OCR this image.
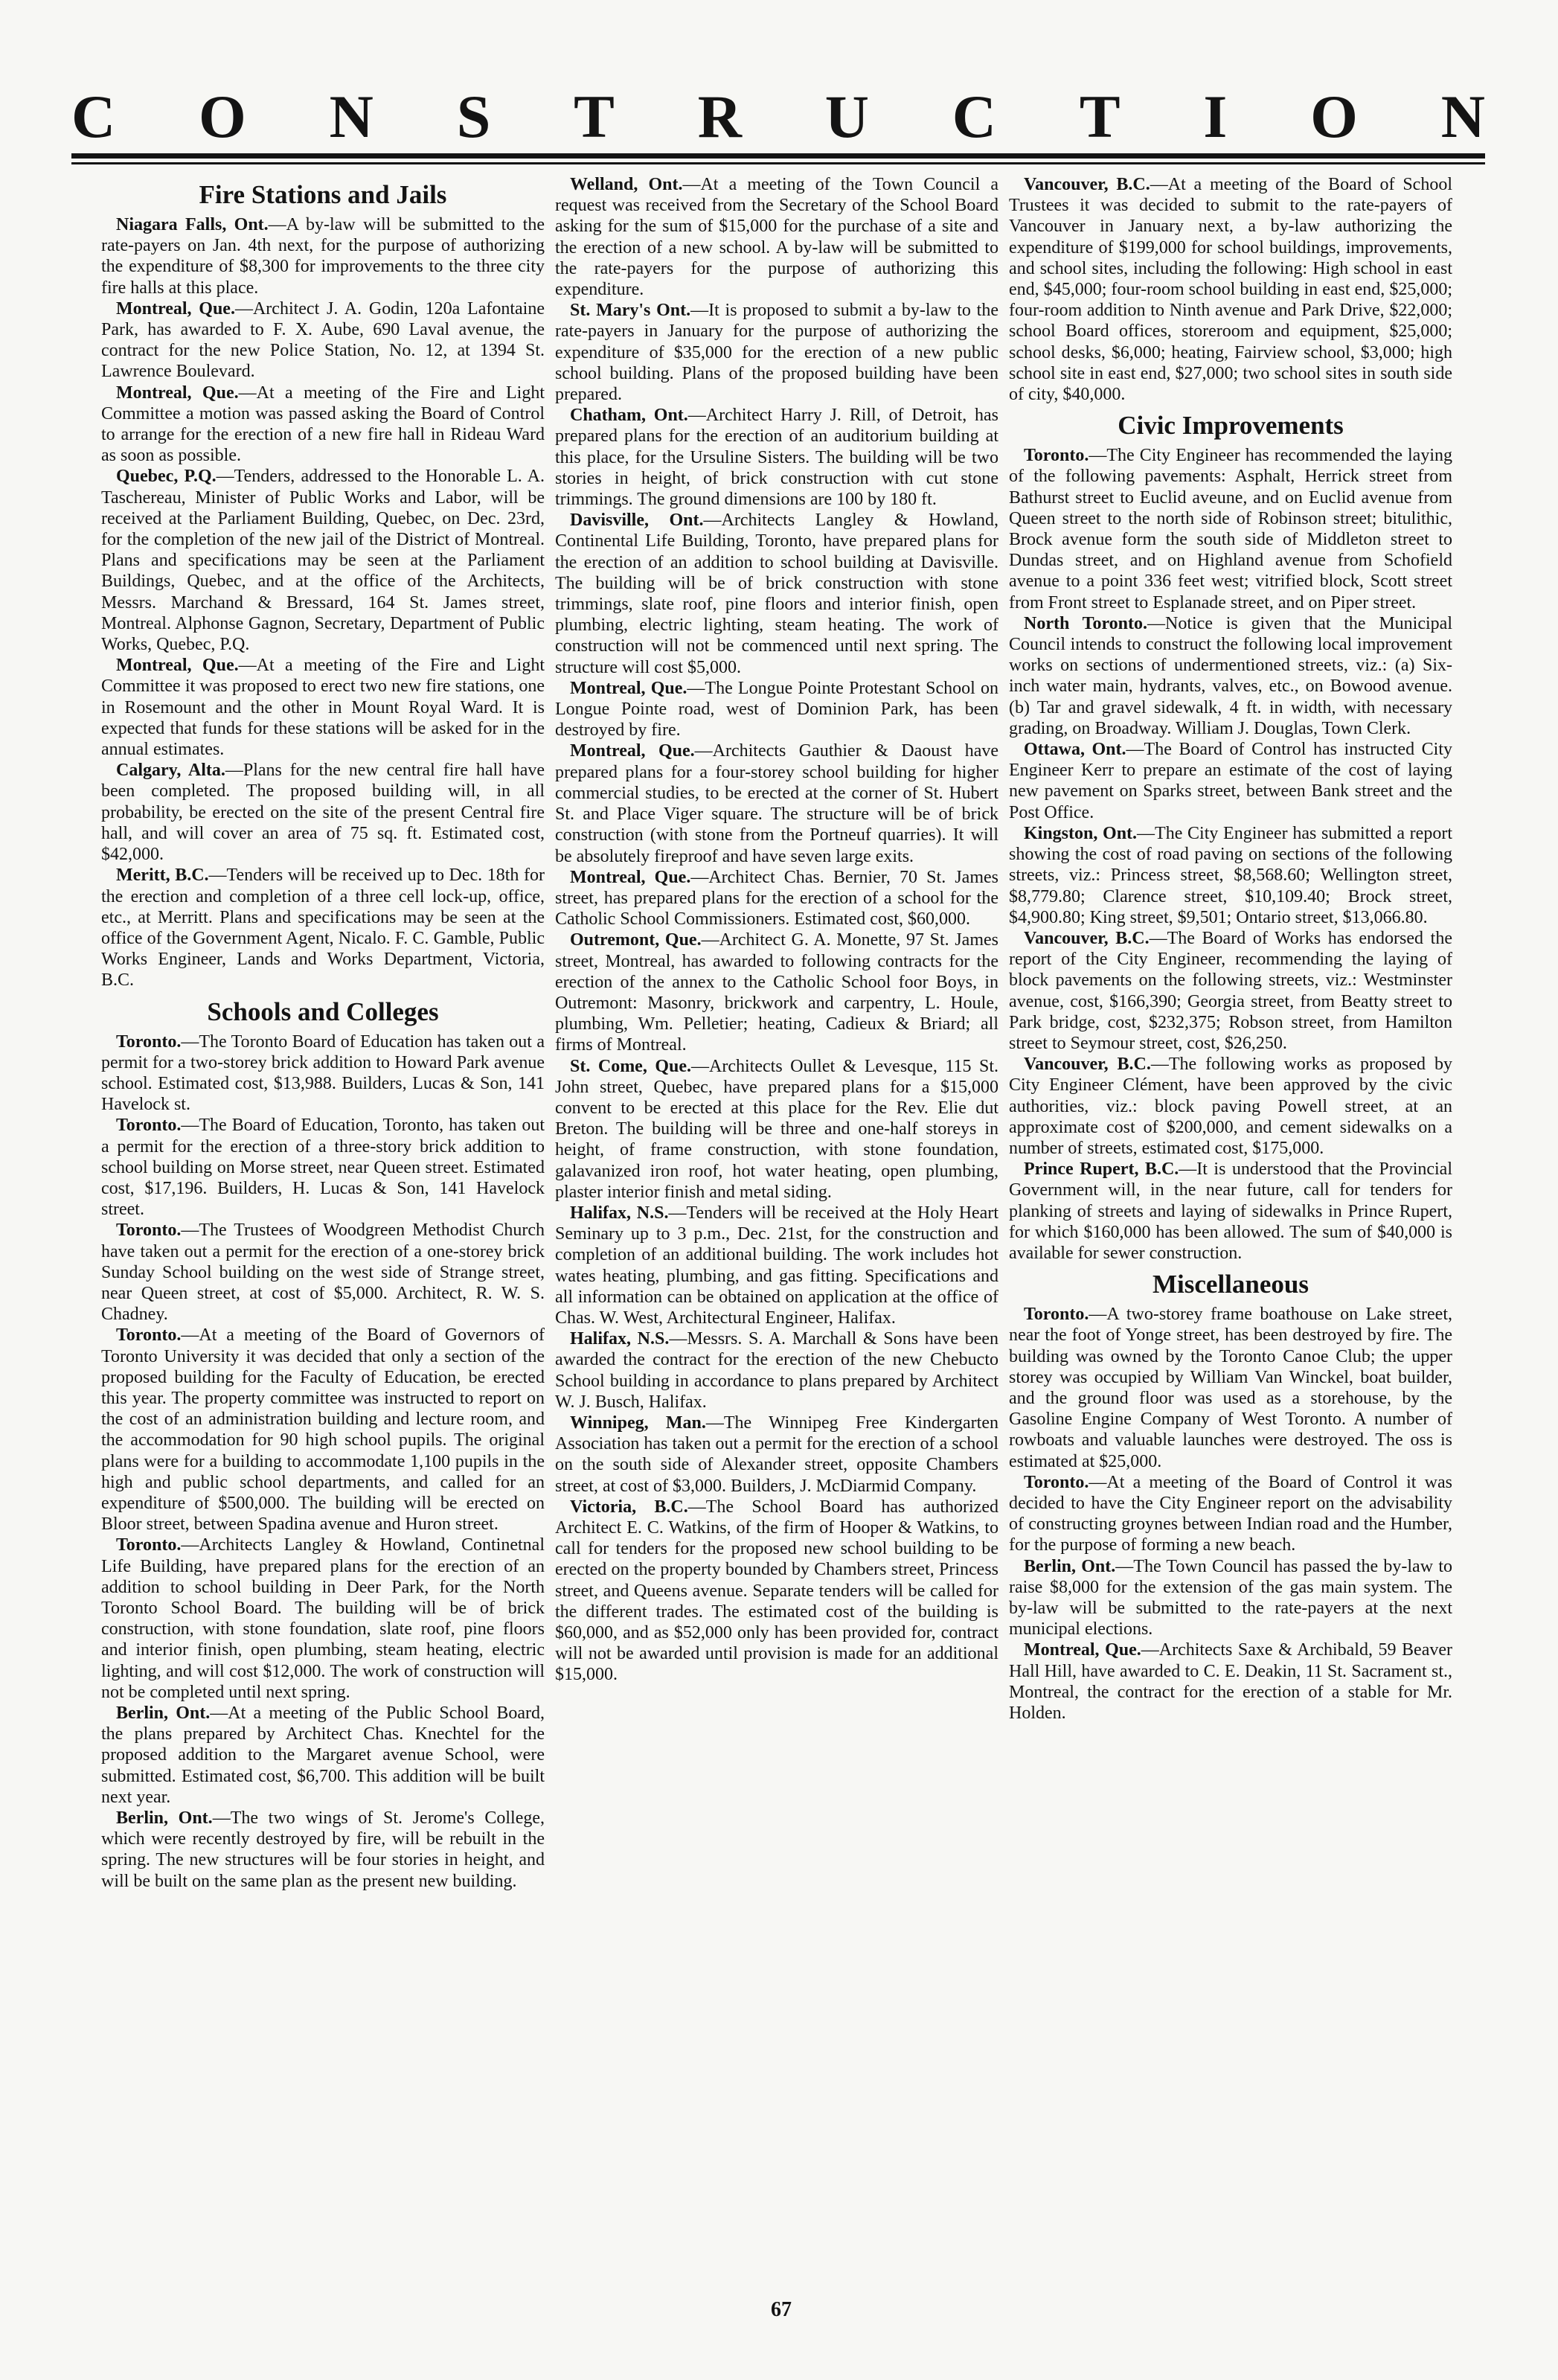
C O N S T R U C T I O N
Fire Stations and Jails

Niagara Falls, Ont.—A by-law will be submitted to the rate-payers on Jan. 4th next, for the purpose of authorizing the expenditure of $8,300 for improvements to the three city fire halls at this place.

Montreal, Que.—Architect J. A. Godin, 120a Lafontaine Park, has awarded to F. X. Aube, 690 Laval avenue, the contract for the new Police Station, No. 12, at 1394 St. Lawrence Boulevard.

Montreal, Que.—At a meeting of the Fire and Light Committee a motion was passed asking the Board of Control to arrange for the erection of a new fire hall in Rideau Ward as soon as possible.

Quebec, P.Q.—Tenders, addressed to the Honorable L. A. Taschereau, Minister of Public Works and Labor, will be received at the Parliament Building, Quebec, on Dec. 23rd, for the completion of the new jail of the District of Montreal. Plans and specifications may be seen at the Parliament Buildings, Quebec, and at the office of the Architects, Messrs. Marchand & Bressard, 164 St. James street, Montreal. Alphonse Gagnon, Secretary, Department of Public Works, Quebec, P.Q.

Montreal, Que.—At a meeting of the Fire and Light Committee it was proposed to erect two new fire stations, one in Rosemount and the other in Mount Royal Ward. It is expected that funds for these stations will be asked for in the annual estimates.

Calgary, Alta.—Plans for the new central fire hall have been completed. The proposed building will, in all probability, be erected on the site of the present Central fire hall, and will cover an area of 75 sq. ft. Estimated cost, $42,000.

Meritt, B.C.—Tenders will be received up to Dec. 18th for the erection and completion of a three cell lock-up, office, etc., at Merritt. Plans and specifications may be seen at the office of the Government Agent, Nicalo. F. C. Gamble, Public Works Engineer, Lands and Works Department, Victoria, B.C.

Schools and Colleges

Toronto.—The Toronto Board of Education has taken out a permit for a two-storey brick addition to Howard Park avenue school. Estimated cost, $13,988. Builders, Lucas & Son, 141 Havelock st.

Toronto.—The Board of Education, Toronto, has taken out a permit for the erection of a three-story brick addition to school building on Morse street, near Queen street. Estimated cost, $17,196. Builders, H. Lucas & Son, 141 Havelock street.

Toronto.—The Trustees of Woodgreen Methodist Church have taken out a permit for the erection of a one-storey brick Sunday School building on the west side of Strange street, near Queen street, at cost of $5,000. Architect, R. W. S. Chadney.

Toronto.—At a meeting of the Board of Governors of Toronto University it was decided that only a section of the proposed building for the Faculty of Education, be erected this year. The property committee was instructed to report on the cost of an administration building and lecture room, and the accommodation for 90 high school pupils. The original plans were for a building to accommodate 1,100 pupils in the high and public school departments, and called for an expenditure of $500,000. The building will be erected on Bloor street, between Spadina avenue and Huron street.

Toronto.—Architects Langley & Howland, Continetnal Life Building, have prepared plans for the erection of an addition to school building in Deer Park, for the North Toronto School Board. The building will be of brick construction, with stone foundation, slate roof, pine floors and interior finish, open plumbing, steam heating, electric lighting, and will cost $12,000. The work of construction will not be completed until next spring.

Berlin, Ont.—At a meeting of the Public School Board, the plans prepared by Architect Chas. Knechtel for the proposed addition to the Margaret avenue School, were submitted. Estimated cost, $6,700. This addition will be built next year.

Berlin, Ont.—The two wings of St. Jerome's College, which were recently destroyed by fire, will be rebuilt in the spring. The new structures will be four stories in height, and will be built on the same plan as the present new building.

Welland, Ont.—At a meeting of the Town Council a request was received from the Secretary of the School Board asking for the sum of $15,000 for the purchase of a site and the erection of a new school. A by-law will be submitted to the rate-payers for the purpose of authorizing this expenditure.

St. Mary's Ont.—It is proposed to submit a by-law to the rate-payers in January for the purpose of authorizing the expenditure of $35,000 for the erection of a new public school building. Plans of the proposed building have been prepared.

Chatham, Ont.—Architect Harry J. Rill, of Detroit, has prepared plans for the erection of an auditorium building at this place, for the Ursuline Sisters. The building will be two stories in height, of brick construction with cut stone trimmings. The ground dimensions are 100 by 180 ft.

Davisville, Ont.—Architects Langley & Howland, Continental Life Building, Toronto, have prepared plans for the erection of an addition to school building at Davisville. The building will be of brick construction with stone trimmings, slate roof, pine floors and interior finish, open plumbing, electric lighting, steam heating. The work of construction will not be commenced until next spring. The structure will cost $5,000.

Montreal, Que.—The Longue Pointe Protestant School on Longue Pointe road, west of Dominion Park, has been destroyed by fire.

Montreal, Que.—Architects Gauthier & Daoust have prepared plans for a four-storey school building for higher commercial studies, to be erected at the corner of St. Hubert St. and Place Viger square. The structure will be of brick construction (with stone from the Portneuf quarries). It will be absolutely fireproof and have seven large exits.

Montreal, Que.—Architect Chas. Bernier, 70 St. James street, has prepared plans for the erection of a school for the Catholic School Commissioners. Estimated cost, $60,000.

Outremont, Que.—Architect G. A. Monette, 97 St. James street, Montreal, has awarded to following contracts for the erection of the annex to the Catholic School foor Boys, in Outremont: Masonry, brickwork and carpentry, L. Houle, plumbing, Wm. Pelletier; heating, Cadieux & Briard; all firms of Montreal.

St. Come, Que.—Architects Oullet & Levesque, 115 St. John street, Quebec, have prepared plans for a $15,000 convent to be erected at this place for the Rev. Elie dut Breton. The building will be three and one-half storeys in height, of frame construction, with stone foundation, galavanized iron roof, hot water heating, open plumbing, plaster interior finish and metal siding.

Halifax, N.S.—Tenders will be received at the Holy Heart Seminary up to 3 p.m., Dec. 21st, for the construction and completion of an additional building. The work includes hot wates heating, plumbing, and gas fitting. Specifications and all information can be obtained on application at the office of Chas. W. West, Architectural Engineer, Halifax.

Halifax, N.S.—Messrs. S. A. Marchall & Sons have been awarded the contract for the erection of the new Chebucto School building in accordance to plans prepared by Architect W. J. Busch, Halifax.

Winnipeg, Man.—The Winnipeg Free Kindergarten Association has taken out a permit for the erection of a school on the south side of Alexander street, opposite Chambers street, at cost of $3,000. Builders, J. McDiarmid Company.

Victoria, B.C.—The School Board has authorized Architect E. C. Watkins, of the firm of Hooper & Watkins, to call for tenders for the proposed new school building to be erected on the property bounded by Chambers street, Princess street, and Queens avenue. Separate tenders will be called for the different trades. The estimated cost of the building is $60,000, and as $52,000 only has been provided for, contract will not be awarded until provision is made for an additional $15,000.

Vancouver, B.C.—At a meeting of the Board of School Trustees it was decided to submit to the rate-payers of Vancouver in January next, a by-law authorizing the expenditure of $199,000 for school buildings, improvements, and school sites, including the following: High school in east end, $45,000; four-room school building in east end, $25,000; four-room addition to Ninth avenue and Park Drive, $22,000; school Board offices, storeroom and equipment, $25,000; school desks, $6,000; heating, Fairview school, $3,000; high school site in east end, $27,000; two school sites in south side of city, $40,000.

Civic Improvements

Toronto.—The City Engineer has recommended the laying of the following pavements: Asphalt, Herrick street from Bathurst street to Euclid aveune, and on Euclid avenue from Queen street to the north side of Robinson street; bitulithic, Brock avenue form the south side of Middleton street to Dundas street, and on Highland avenue from Schofield avenue to a point 336 feet west; vitrified block, Scott street from Front street to Esplanade street, and on Piper street.

North Toronto.—Notice is given that the Municipal Council intends to construct the following local improvement works on sections of undermentioned streets, viz.: (a) Six-inch water main, hydrants, valves, etc., on Bowood avenue. (b) Tar and gravel sidewalk, 4 ft. in width, with necessary grading, on Broadway. William J. Douglas, Town Clerk.

Ottawa, Ont.—The Board of Control has instructed City Engineer Kerr to prepare an estimate of the cost of laying new pavement on Sparks street, between Bank street and the Post Office.

Kingston, Ont.—The City Engineer has submitted a report showing the cost of road paving on sections of the following streets, viz.: Princess street, $8,568.60; Wellington street, $8,779.80; Clarence street, $10,109.40; Brock street, $4,900.80; King street, $9,501; Ontario street, $13,066.80.

Vancouver, B.C.—The Board of Works has endorsed the report of the City Engineer, recommending the laying of block pavements on the following streets, viz.: Westminster avenue, cost, $166,390; Georgia street, from Beatty street to Park bridge, cost, $232,375; Robson street, from Hamilton street to Seymour street, cost, $26,250.

Vancouver, B.C.—The following works as proposed by City Engineer Clément, have been approved by the civic authorities, viz.: block paving Powell street, at an approximate cost of $200,000, and cement sidewalks on a number of streets, estimated cost, $175,000.

Prince Rupert, B.C.—It is understood that the Provincial Government will, in the near future, call for tenders for planking of streets and laying of sidewalks in Prince Rupert, for which $160,000 has been allowed. The sum of $40,000 is available for sewer construction.

Miscellaneous

Toronto.—A two-storey frame boathouse on Lake street, near the foot of Yonge street, has been destroyed by fire. The building was owned by the Toronto Canoe Club; the upper storey was occupied by William Van Winckel, boat builder, and the ground floor was used as a storehouse, by the Gasoline Engine Company of West Toronto. A number of rowboats and valuable launches were destroyed. The oss is estimated at $25,000.

Toronto.—At a meeting of the Board of Control it was decided to have the City Engineer report on the advisability of constructing groynes between Indian road and the Humber, for the purpose of forming a new beach.

Berlin, Ont.—The Town Council has passed the by-law to raise $8,000 for the extension of the gas main system. The by-law will be submitted to the rate-payers at the next municipal elections.

Montreal, Que.—Architects Saxe & Archibald, 59 Beaver Hall Hill, have awarded to C. E. Deakin, 11 St. Sacrament st., Montreal, the contract for the erection of a stable for Mr. Holden.

67
